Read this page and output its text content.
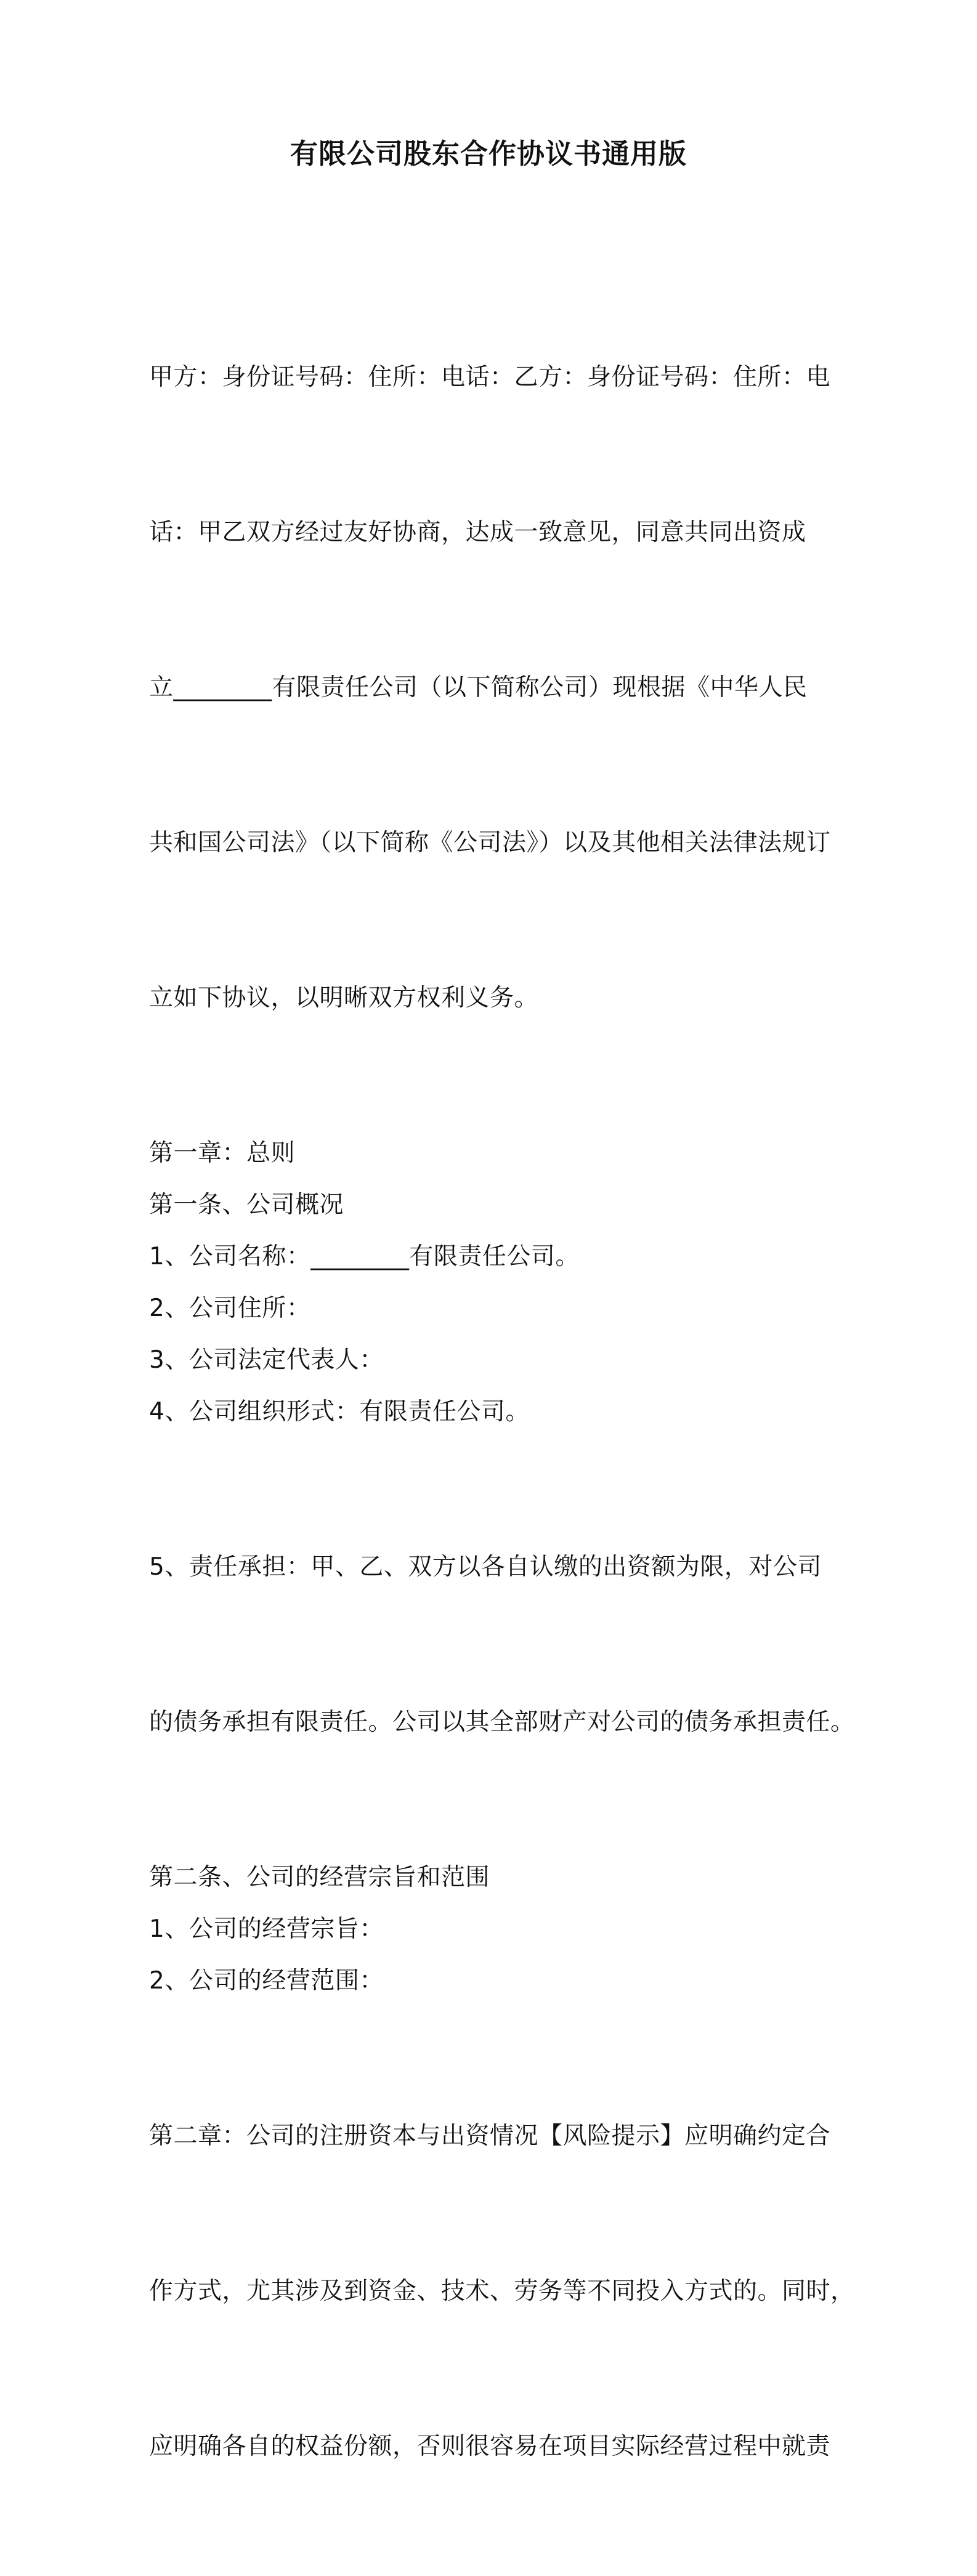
有限公司股东合作协议书通用版

甲方：身份证号码：住所：电话：乙方：身份证号码：住所：电

话：甲乙双方经过友好协商，达成一致意见，同意共同出资成

立________有限责任公司（以下简称公司）现根据《中华人民

共和国公司法》（以下简称《公司法》）以及其他相关法律法规订

立如下协议，以明晰双方权利义务。

第一章：总则

第一条、公司概况

1、公司名称：________有限责任公司。

2、公司住所：

3、公司法定代表人：

4、公司组织形式：有限责任公司。

5、责任承担：甲、乙、双方以各自认缴的出资额为限，对公司

的债务承担有限责任。公司以其全部财产对公司的债务承担责任。

第二条、公司的经营宗旨和范围

1、公司的经营宗旨：

2、公司的经营范围：

第二章：公司的注册资本与出资情况【风险提示】应明确约定合

作方式，尤其涉及到资金、技术、劳务等不同投入方式的。同时，

应明确各自的权益份额，否则很容易在项目实际经营过程中就责
